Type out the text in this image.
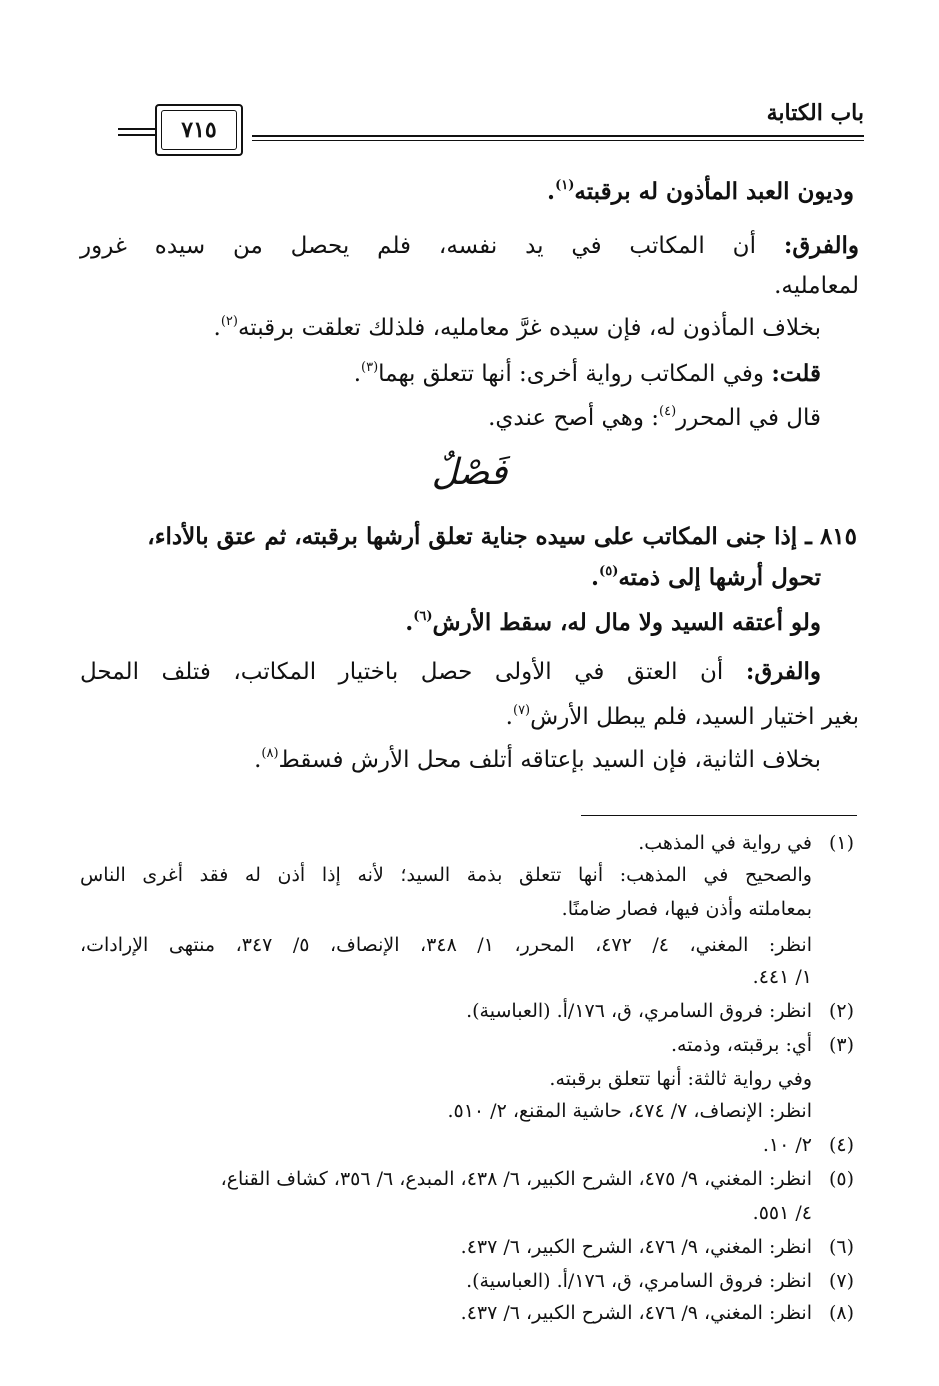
باب الكتابة
٧١٥
وديون العبد المأذون له برقبته$^{(١)}$.
والفرق: أن المكاتب في يد نفسه، فلم يحصل من سيده غرور
لمعامليه.
بخلاف المأذون له، فإن سيده غرَّ معامليه، فلذلك تعلقت برقبته$^{(٢)}$.
قلت: وفي المكاتب رواية أخرى: أنها تتعلق بهما$^{(٣)}$.
قال في المحرر$^{(٤)}$: وهي أصح عندي.
فَصْلٌ
٨١٥ ـ إذا جنى المكاتب على سيده جناية تعلق أرشها برقبته، ثم عتق بالأداء،
تحول أرشها إلى ذمته$^{(٥)}$.
ولو أعتقه السيد ولا مال له، سقط الأرش$^{(٦)}$.
والفرق: أن العتق في الأولى حصل باختيار المكاتب، فتلف المحل
بغير اختيار السيد، فلم يبطل الأرش$^{(٧)}$.
بخلاف الثانية، فإن السيد بإعتاقه أتلف محل الأرش فسقط$^{(٨)}$.
(١)في رواية في المذهب.
والصحيح في المذهب: أنها تتعلق بذمة السيد؛ لأنه إذا أذن له فقد أغرى الناس
بمعاملته وأذن فيها، فصار ضامنًا.
انظر: المغني، ٤/ ٤٧٢، المحرر، ١/ ٣٤٨، الإنصاف، ٥/ ٣٤٧، منتهى الإرادات،
١/ ٤٤١.
(٢)انظر: فروق السامري، ق، ١٧٦/أ. (العباسية).
(٣)أي: برقبته، وذمته.
وفي رواية ثالثة: أنها تتعلق برقبته.
انظر: الإنصاف، ٧/ ٤٧٤، حاشية المقنع، ٢/ ٥١٠.
(٤)٢/ ١٠.
(٥)انظر: المغني، ٩/ ٤٧٥، الشرح الكبير، ٦/ ٤٣٨، المبدع، ٦/ ٣٥٦، كشاف القناع،
٤/ ٥٥١.
(٦)انظر: المغني، ٩/ ٤٧٦، الشرح الكبير، ٦/ ٤٣٧.
(٧)انظر: فروق السامري، ق، ١٧٦/أ. (العباسية).
(٨)انظر: المغني، ٩/ ٤٧٦، الشرح الكبير، ٦/ ٤٣٧.
